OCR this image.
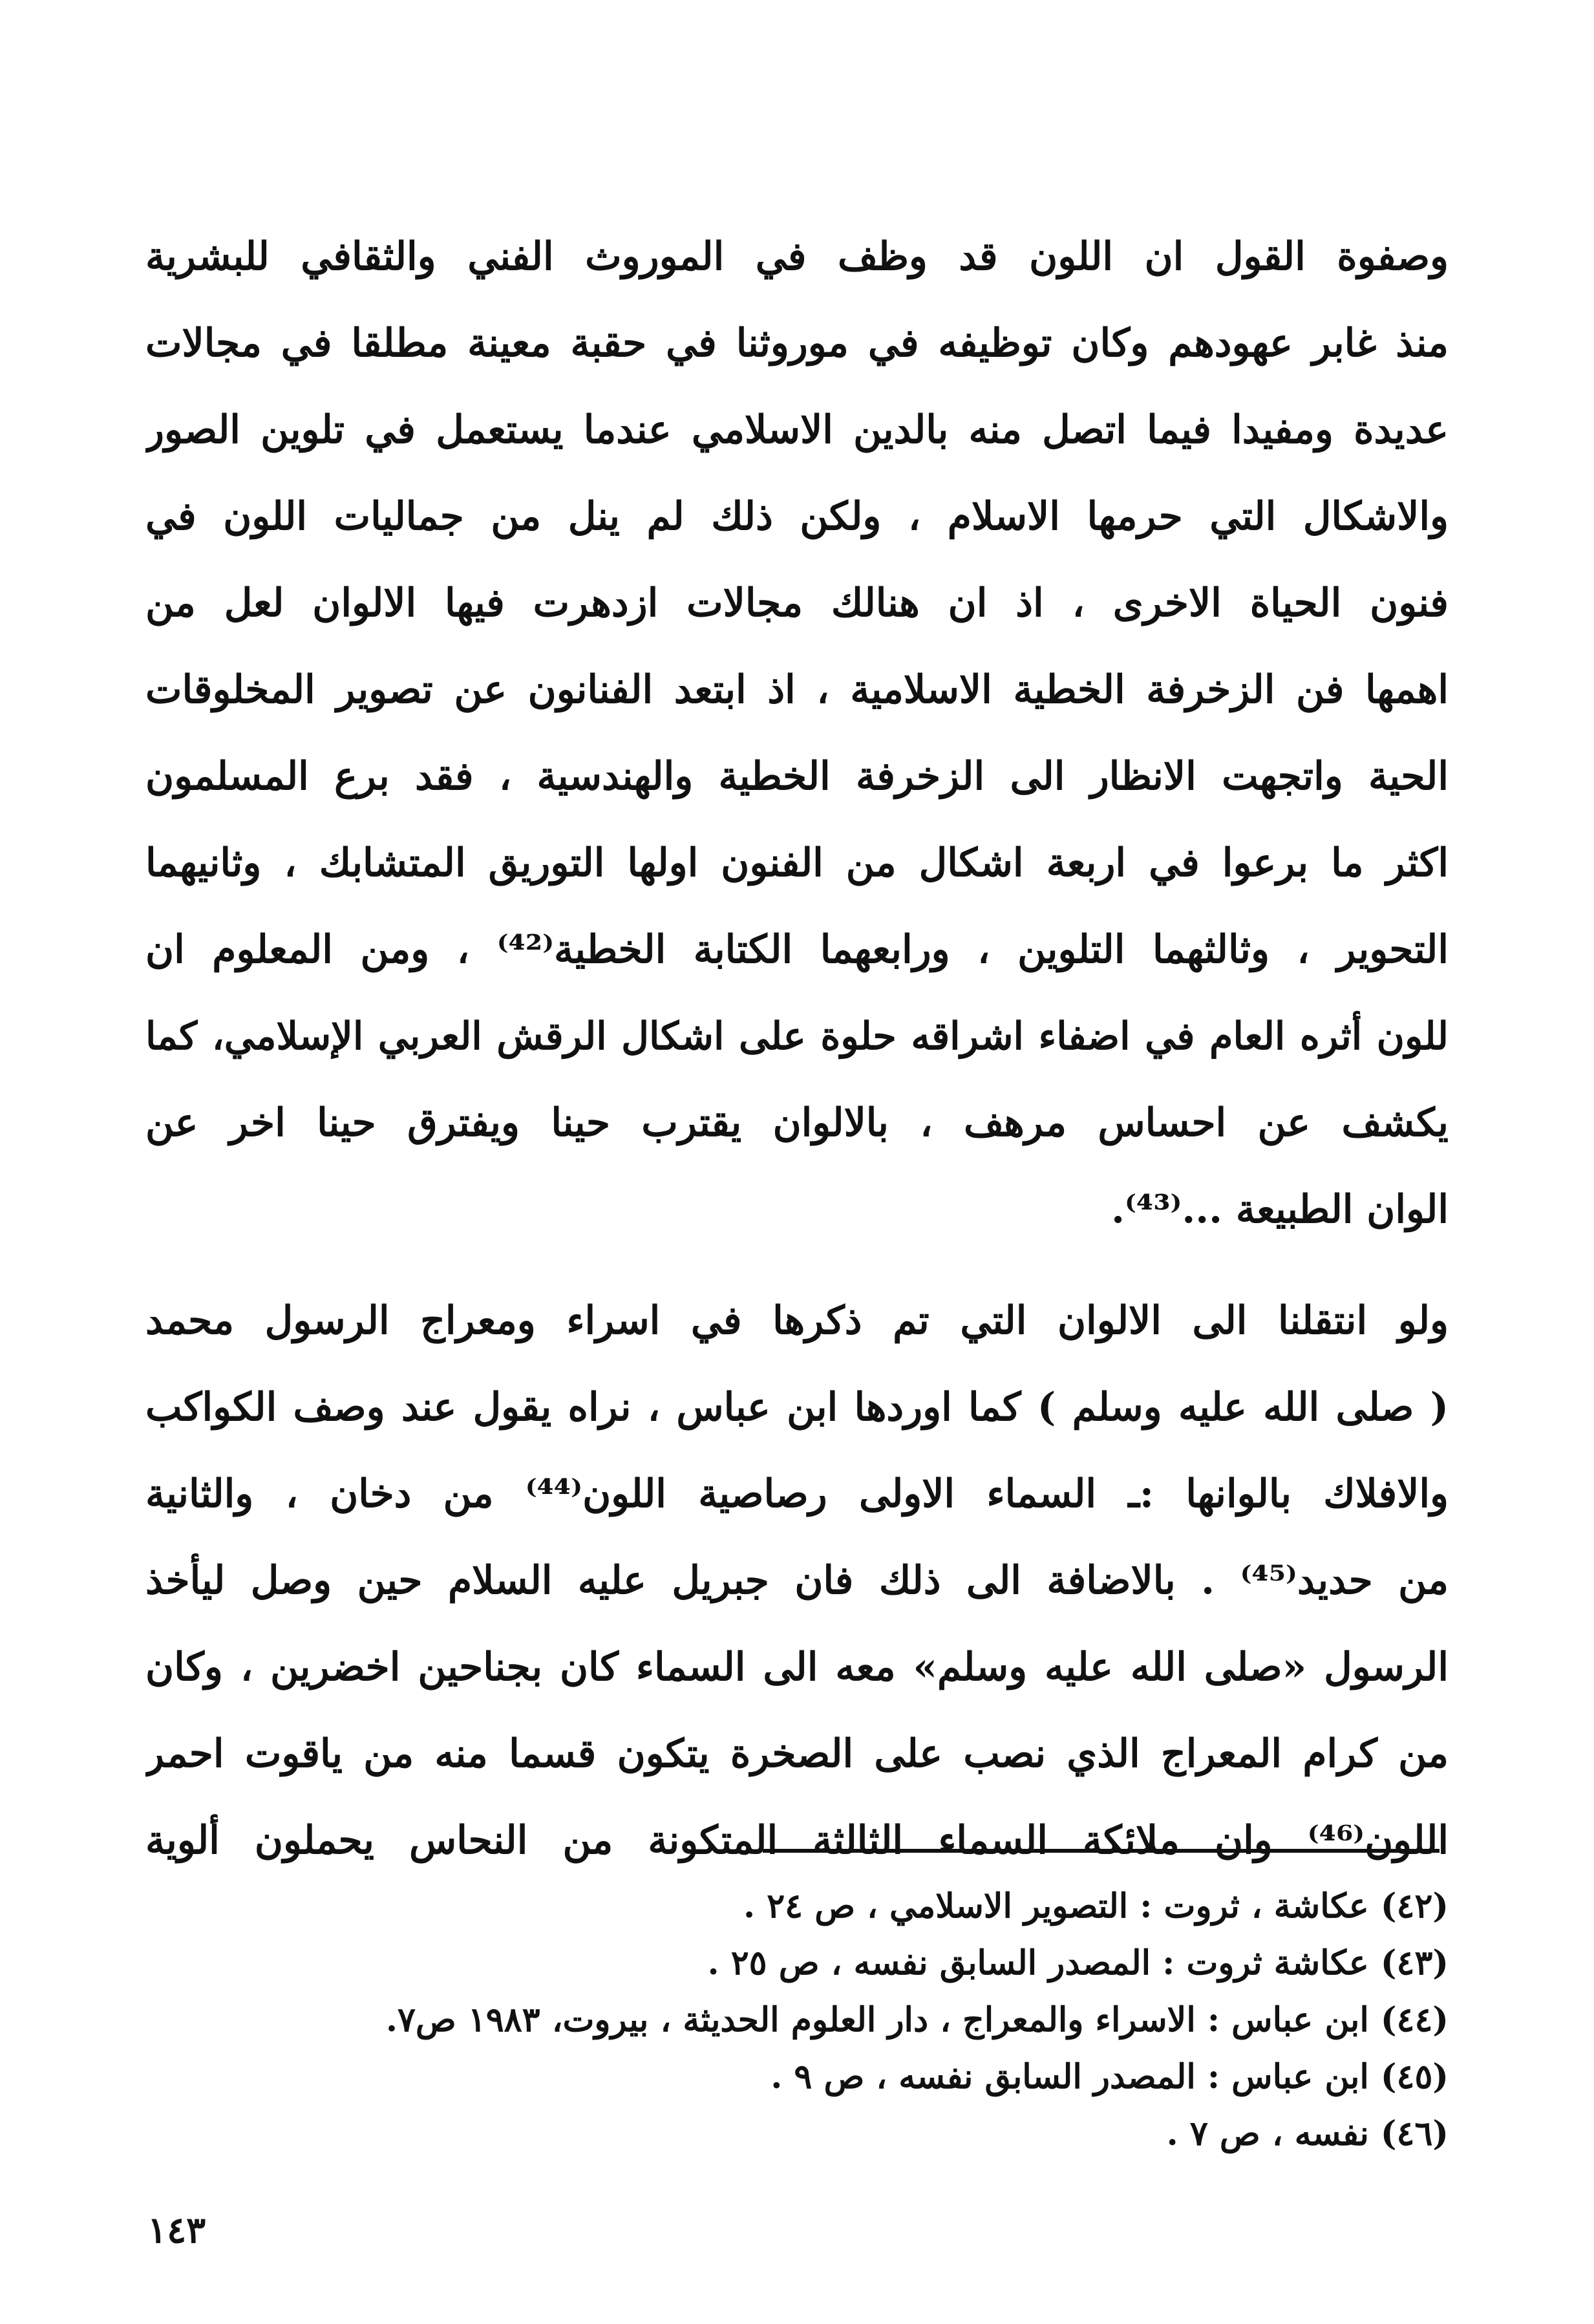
وصفوة القول ان اللون قد وظف في الموروث الفني والثقافي للبشرية
منذ غابر عهودهم وكان توظيفه في موروثنا في حقبة معينة مطلقا في مجالات
عديدة ومفيدا فيما اتصل منه بالدين الاسلامي عندما يستعمل في تلوين الصور
والاشكال التي حرمها الاسلام ، ولكن ذلك لم ينل من جماليات اللون في
فنون الحياة الاخرى ، اذ ان هنالك مجالات ازدهرت فيها الالوان لعل من
اهمها فن الزخرفة الخطية الاسلامية ، اذ ابتعد الفنانون عن تصوير المخلوقات
الحية واتجهت الانظار الى الزخرفة الخطية والهندسية ، فقد برع المسلمون
اكثر ما برعوا في اربعة اشكال من الفنون اولها التوريق المتشابك ، وثانيهما
التحوير ، وثالثهما التلوين ، ورابعهما الكتابة الخطية⁽⁴²⁾ ، ومن المعلوم ان
للون أثره العام في اضفاء اشراقه حلوة على اشكال الرقش العربي الإسلامي، كما
يكشف عن احساس مرهف ، بالالوان يقترب حينا ويفترق حينا اخر عن
الوان الطبيعة ...⁽⁴³⁾.
ولو انتقلنا الى الالوان التي تم ذكرها في اسراء ومعراج الرسول محمد
( صلى الله عليه وسلم ) كما اوردها ابن عباس ، نراه يقول عند وصف الكواكب
والافلاك بالوانها :ـ السماء الاولى رصاصية اللون⁽⁴⁴⁾ من دخان ، والثانية
من حديد⁽⁴⁵⁾ . بالاضافة الى ذلك فان جبريل عليه السلام حين وصل ليأخذ
الرسول «صلى الله عليه وسلم» معه الى السماء كان بجناحين اخضرين ، وكان
من كرام المعراج الذي نصب على الصخرة يتكون قسما منه من ياقوت احمر
اللون⁽⁴⁶⁾ وان ملائكة السماء الثالثة المتكونة من النحاس يحملون ألوية
(٤٢) عكاشة ، ثروت : التصوير الاسلامي ، ص ٢٤ .
(٤٣) عكاشة ثروت : المصدر السابق نفسه ، ص ٢٥ .
(٤٤) ابن عباس : الاسراء والمعراج ، دار العلوم الحديثة ، بيروت، ١٩٨٣ ص٧.
(٤٥) ابن عباس : المصدر السابق نفسه ، ص ٩ .
(٤٦) نفسه ، ص ٧ .
١٤٣
